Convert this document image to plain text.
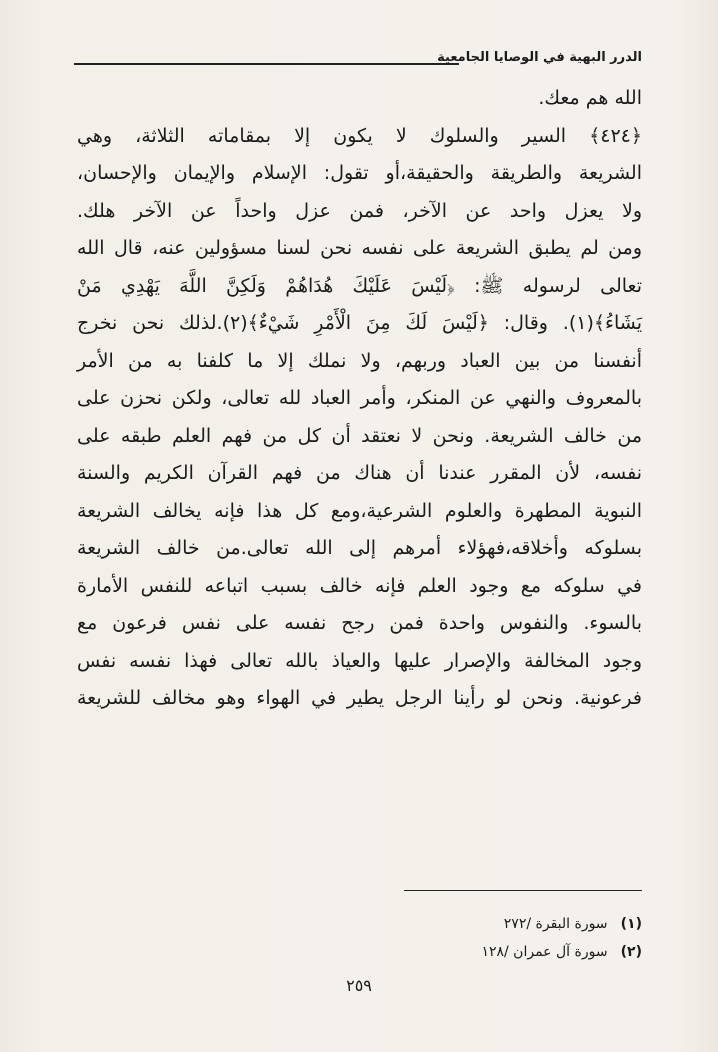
الدرر البهية في الوصايا الجامعية
الله هم معك.
﴿٤٢٤﴾ السير والسلوك لا يكون إلا بمقاماته الثلاثة، وهي
الشريعة والطريقة والحقيقة،أو تقول: الإسلام والإيمان والإحسان،
ولا يعزل واحد عن الآخر، فمن عزل واحداً عن الآخر هلك.
ومن لم يطبق الشريعة على نفسه نحن لسنا مسؤولين عنه، قال الله
تعالى لرسوله ﷺ: ﴿لَيْسَ عَلَيْكَ هُدَاهُمْ وَلَكِنَّ اللَّهَ يَهْدِي مَنْ
يَشَاءُ﴾(١). وقال: ﴿لَيْسَ لَكَ مِنَ الْأَمْرِ شَيْءٌ﴾(٢).لذلك نحن نخرج
أنفسنا من بين العباد وربهم، ولا نملك إلا ما كلفنا به من الأمر
بالمعروف والنهي عن المنكر، وأمر العباد لله تعالى، ولكن نحزن على
من خالف الشريعة. ونحن لا نعتقد أن كل من فهم العلم طبقه على
نفسه، لأن المقرر عندنا أن هناك من فهم القرآن الكريم والسنة
النبوية المطهرة والعلوم الشرعية،ومع كل هذا فإنه يخالف الشريعة
بسلوكه وأخلاقه،فهؤلاء أمرهم إلى الله تعالى.من خالف الشريعة
في سلوكه مع وجود العلم فإنه خالف بسبب اتباعه للنفس الأمارة
بالسوء. والنفوس واحدة فمن رجح نفسه على نفس فرعون مع
وجود المخالفة والإصرار عليها والعياذ بالله تعالى فهذا نفسه نفس
فرعونية. ونحن لو رأينا الرجل يطير في الهواء وهو مخالف للشريعة
(١) سورة البقرة /٢٧٢
(٢) سورة آل عمران /١٢٨
٢٥٩
